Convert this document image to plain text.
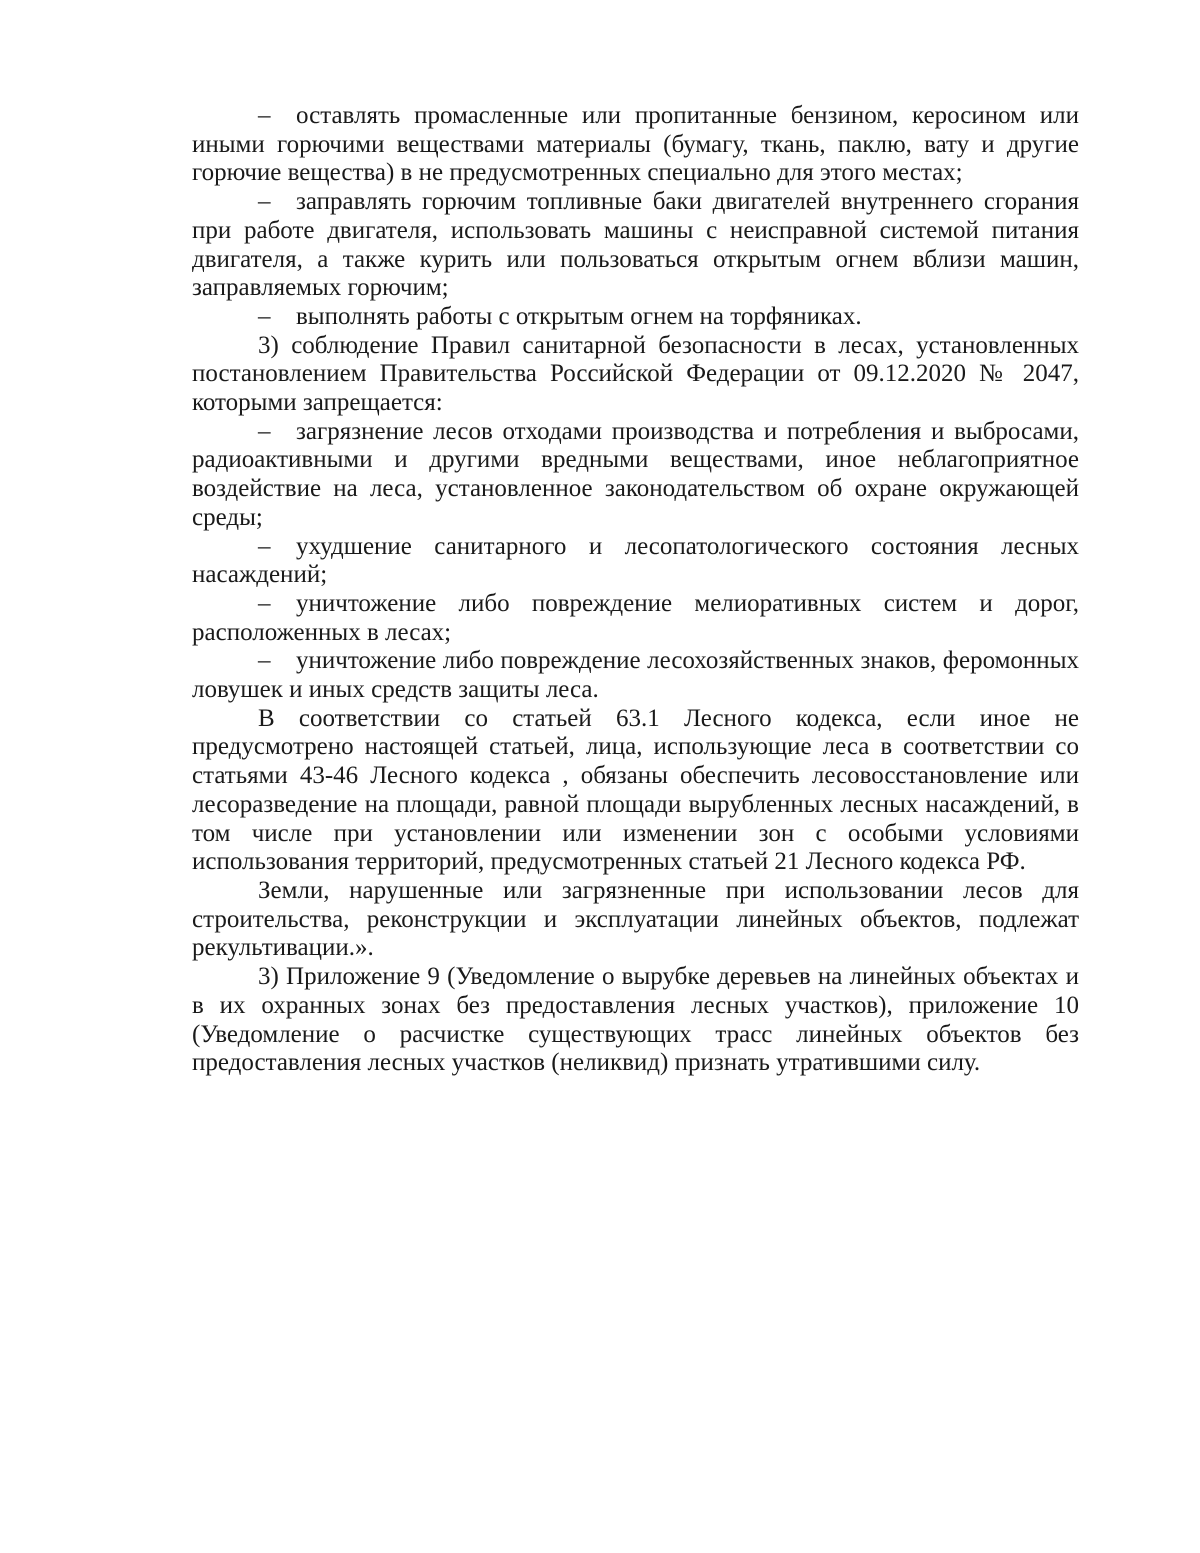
– оставлять промасленные или пропитанные бензином, керосином или иными горючими веществами материалы (бумагу, ткань, паклю, вату и другие горючие вещества) в не предусмотренных специально для этого местах;

– заправлять горючим топливные баки двигателей внутреннего сгорания при работе двигателя, использовать машины с неисправной системой питания двигателя, а также курить или пользоваться открытым огнем вблизи машин, заправляемых горючим;

– выполнять работы с открытым огнем на торфяниках.

3) соблюдение Правил санитарной безопасности в лесах, установленных постановлением Правительства Российской Федерации от 09.12.2020 № 2047, которыми запрещается:

– загрязнение лесов отходами производства и потребления и выбросами, радиоактивными и другими вредными веществами, иное неблагоприятное воздействие на леса, установленное законодательством об охране окружающей среды;

– ухудшение санитарного и лесопатологического состояния лесных насаждений;

– уничтожение либо повреждение мелиоративных систем и дорог, расположенных в лесах;

– уничтожение либо повреждение лесохозяйственных знаков, феромонных ловушек и иных средств защиты леса.

В соответствии со статьей 63.1 Лесного кодекса, если иное не предусмотрено настоящей статьей, лица, использующие леса в соответствии со статьями 43-46 Лесного кодекса , обязаны обеспечить лесовосстановление или лесоразведение на площади, равной площади вырубленных лесных насаждений, в том числе при установлении или изменении зон с особыми условиями использования территорий, предусмотренных статьей 21 Лесного кодекса РФ.

Земли, нарушенные или загрязненные при использовании лесов для строительства, реконструкции и эксплуатации линейных объектов, подлежат рекультивации.».

3) Приложение 9 (Уведомление о вырубке деревьев на линейных объектах и в их охранных зонах без предоставления лесных участков), приложение 10 (Уведомление о расчистке существующих трасс линейных объектов без предоставления лесных участков (неликвид) признать утратившими силу.
